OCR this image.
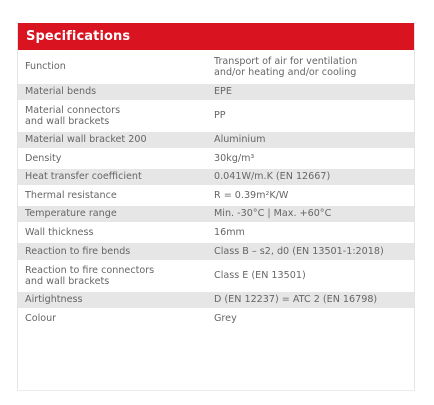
Specifications
Function	Transport of air for ventilation
and/or heating and/or cooling
Material bends	EPE
Material connectors
and wall brackets	PP
Material wall bracket 200	Aluminium
Density	30kg/m³
Heat transfer coefficient	0.041W/m.K (EN 12667)
Thermal resistance	R = 0.39m²K/W
Temperature range	Min. -30°C | Max. +60°C
Wall thickness	16mm
Reaction to fire bends	Class B – s2, d0 (EN 13501-1:2018)
Reaction to fire connectors
and wall brackets	Class E (EN 13501)
Airtightness	D (EN 12237) = ATC 2 (EN 16798)
Colour	Grey
